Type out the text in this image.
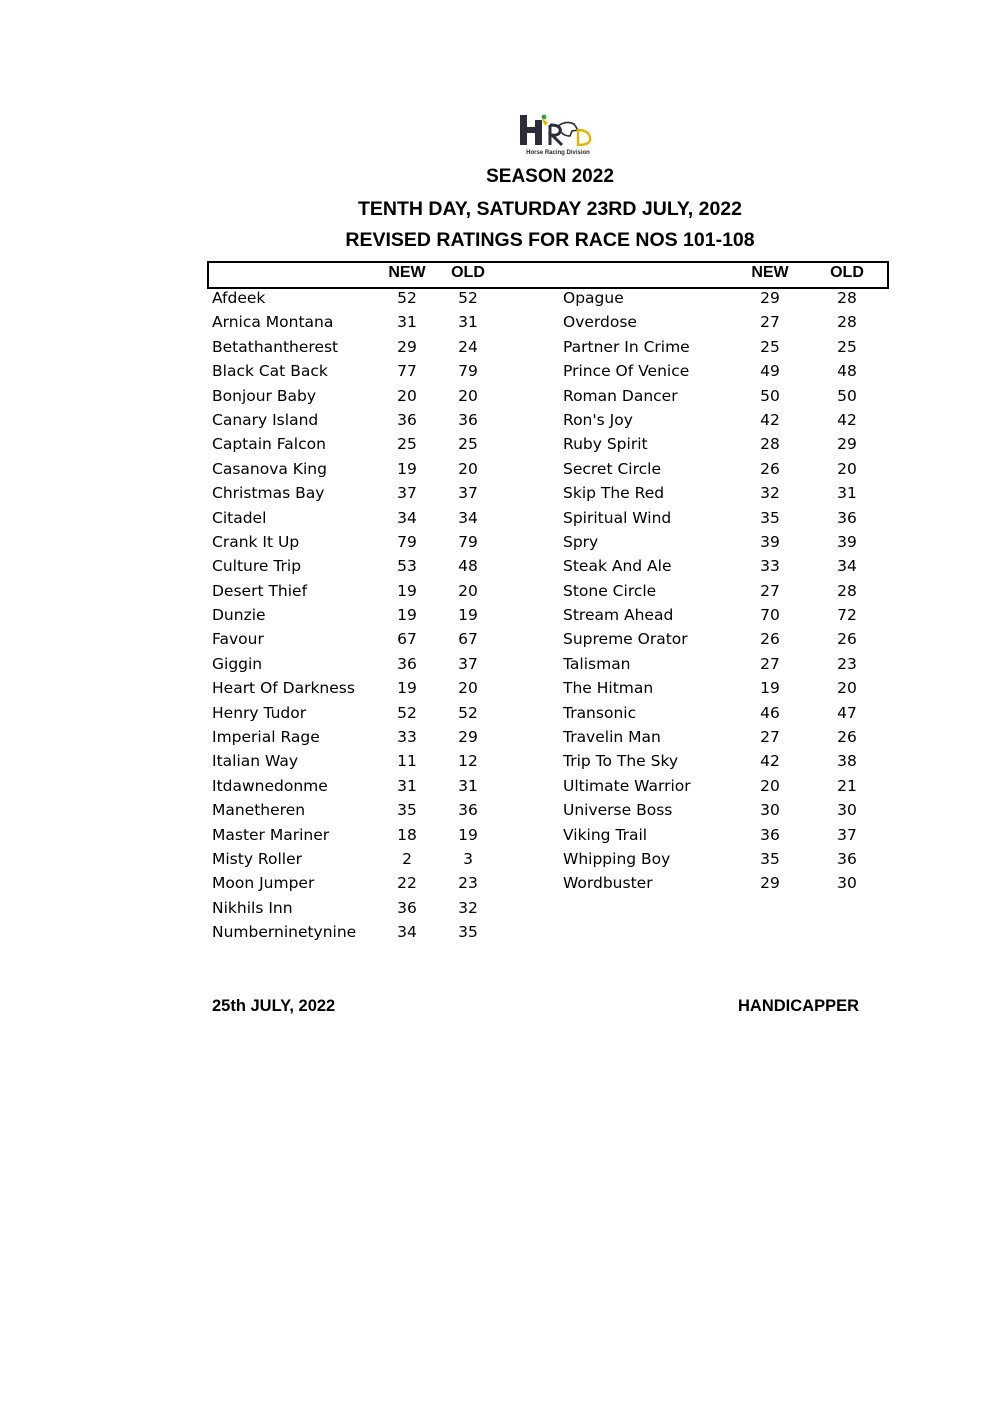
Horse Racing Division
SEASON 2022
TENTH DAY, SATURDAY 23RD JULY, 2022
REVISED RATINGS FOR RACE NOS 101-108
NEW	OLD	NEW	OLD
Afdeek	52	52
Arnica Montana	31	31
Betathantherest	29	24
Black Cat Back	77	79
Bonjour Baby	20	20
Canary Island	36	36
Captain Falcon	25	25
Casanova King	19	20
Christmas Bay	37	37
Citadel	34	34
Crank It Up	79	79
Culture Trip	53	48
Desert Thief	19	20
Dunzie	19	19
Favour	67	67
Giggin	36	37
Heart Of Darkness	19	20
Henry Tudor	52	52
Imperial Rage	33	29
Italian Way	11	12
Itdawnedonme	31	31
Manetheren	35	36
Master Mariner	18	19
Misty Roller	2	3
Moon Jumper	22	23
Nikhils Inn	36	32
Numberninetynine	34	35
Opague	29	28
Overdose	27	28
Partner In Crime	25	25
Prince Of Venice	49	48
Roman Dancer	50	50
Ron's Joy	42	42
Ruby Spirit	28	29
Secret Circle	26	20
Skip The Red	32	31
Spiritual Wind	35	36
Spry	39	39
Steak And Ale	33	34
Stone Circle	27	28
Stream Ahead	70	72
Supreme Orator	26	26
Talisman	27	23
The Hitman	19	20
Transonic	46	47
Travelin Man	27	26
Trip To The Sky	42	38
Ultimate Warrior	20	21
Universe Boss	30	30
Viking Trail	36	37
Whipping Boy	35	36
Wordbuster	29	30
25th JULY, 2022	HANDICAPPER
